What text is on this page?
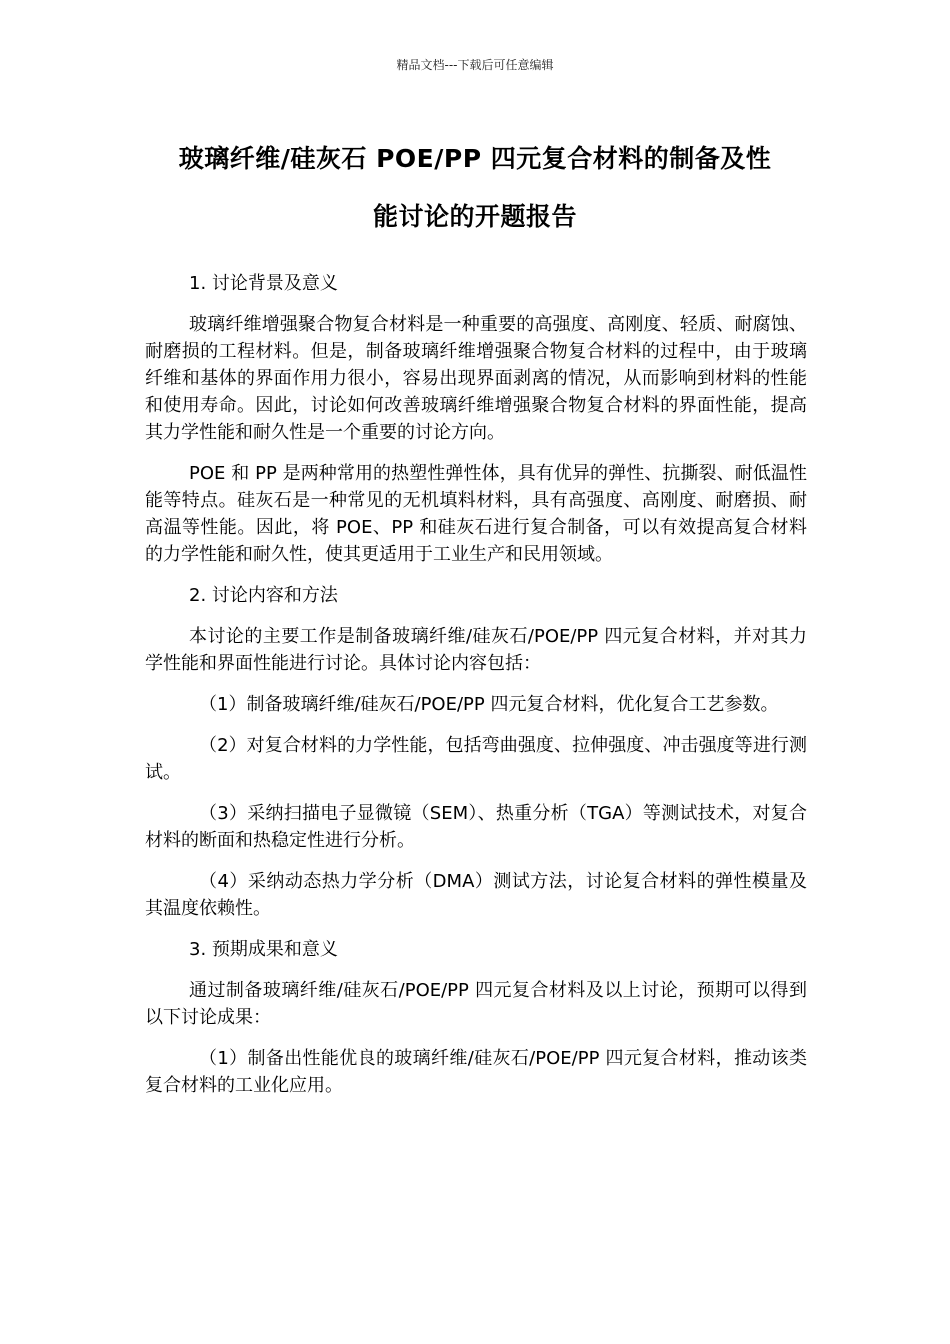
精品文档---下载后可任意编辑
玻璃纤维/硅灰石 POE/PP 四元复合材料的制备及性
能讨论的开题报告

1. 讨论背景及意义

玻璃纤维增强聚合物复合材料是一种重要的高强度、高刚度、轻质、耐腐蚀、耐磨损的工程材料。但是，制备玻璃纤维增强聚合物复合材料的过程中，由于玻璃纤维和基体的界面作用力很小，容易出现界面剥离的情况，从而影响到材料的性能和使用寿命。因此，讨论如何改善玻璃纤维增强聚合物复合材料的界面性能，提高其力学性能和耐久性是一个重要的讨论方向。

POE 和 PP 是两种常用的热塑性弹性体，具有优异的弹性、抗撕裂、耐低温性能等特点。硅灰石是一种常见的无机填料材料，具有高强度、高刚度、耐磨损、耐高温等性能。因此，将 POE、PP 和硅灰石进行复合制备，可以有效提高复合材料的力学性能和耐久性，使其更适用于工业生产和民用领域。

2. 讨论内容和方法

本讨论的主要工作是制备玻璃纤维/硅灰石/POE/PP 四元复合材料，并对其力学性能和界面性能进行讨论。具体讨论内容包括：

（1）制备玻璃纤维/硅灰石/POE/PP 四元复合材料，优化复合工艺参数。

（2）对复合材料的力学性能，包括弯曲强度、拉伸强度、冲击强度等进行测试。

（3）采纳扫描电子显微镜（SEM）、热重分析（TGA）等测试技术，对复合材料的断面和热稳定性进行分析。

（4）采纳动态热力学分析（DMA）测试方法，讨论复合材料的弹性模量及其温度依赖性。

3. 预期成果和意义

通过制备玻璃纤维/硅灰石/POE/PP 四元复合材料及以上讨论，预期可以得到以下讨论成果：

（1）制备出性能优良的玻璃纤维/硅灰石/POE/PP 四元复合材料，推动该类复合材料的工业化应用。
